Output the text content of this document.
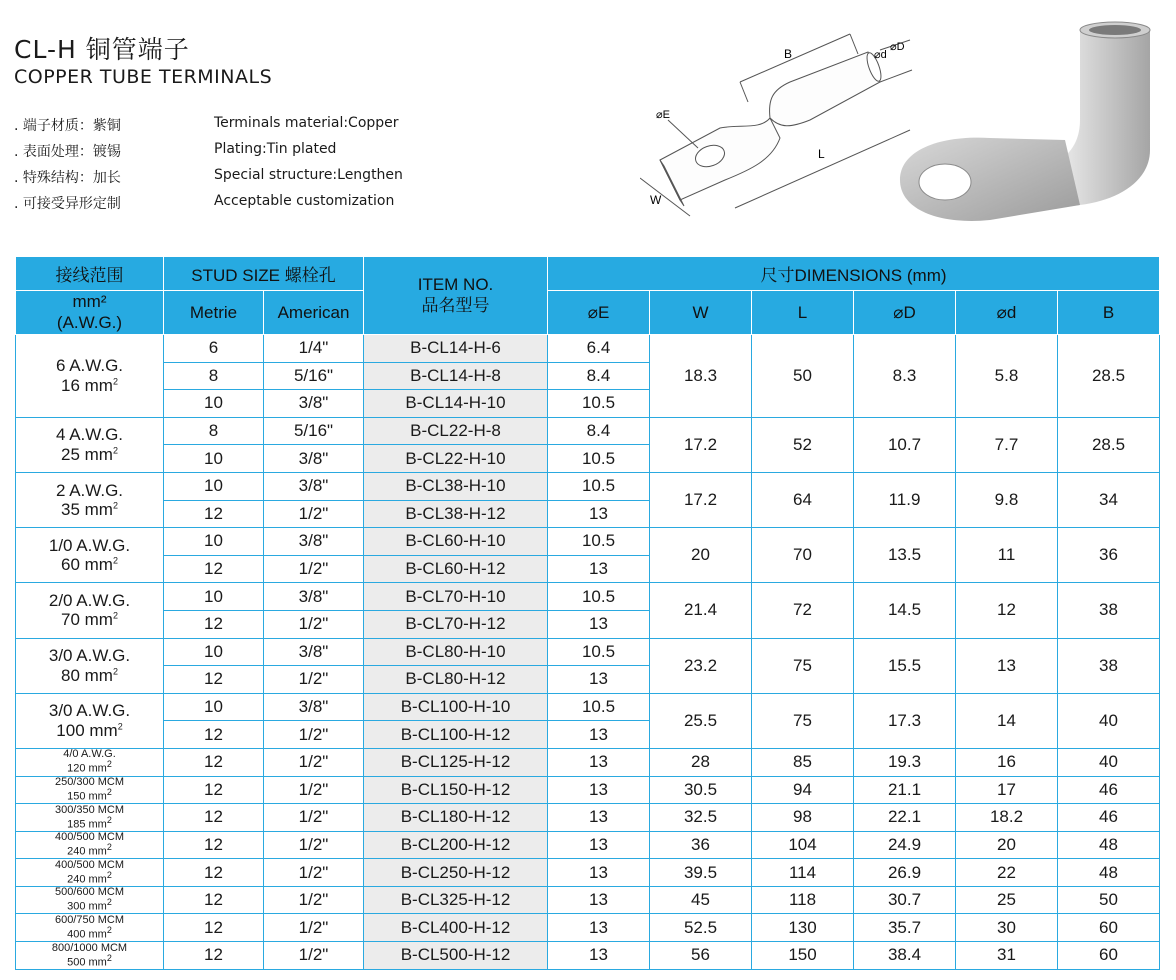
CL-H 铜管端子
COPPER TUBE TERMINALS
. 端子材质：紫铜	Terminals material:Copper
. 表面处理：镀锡	Plating:Tin plated
. 特殊结构：加长	Special structure:Lengthen
. 可接受异形定制	Acceptable customization
B	⌀d
⌀D
⌀E
L
W
接线范围	STUD SIZE 螺栓孔		ITEM NO.
品名型号	尺寸DIMENSIONS (mm)					

mm²
(A.W.G.)	Metrie	American		⌀E	W	L	⌀D	⌀d	B

6 A.W.G.
16 $mm^2$	6	1/4"	B-CL14-H-6	6.4	18.3	50	8.3	5.8	28.5
	8	5/16"	B-CL14-H-8	8.4					
	10	3/8"	B-CL14-H-10	10.5					

4 A.W.G.
25 $mm^2$	8	5/16"	B-CL22-H-8	8.4	17.2	52	10.7	7.7	28.5
	10	3/8"	B-CL22-H-10	10.5					

2 A.W.G.
35 $mm^2$	10	3/8"	B-CL38-H-10	10.5	17.2	64	11.9	9.8	34
	12	1/2"	B-CL38-H-12	13					

1/0 A.W.G.
60 $mm^2$	10	3/8"	B-CL60-H-10	10.5	20	70	13.5	11	36
	12	1/2"	B-CL60-H-12	13					

2/0 A.W.G.
70 $mm^2$	10	3/8"	B-CL70-H-10	10.5	21.4	72	14.5	12	38
	12	1/2"	B-CL70-H-12	13					

3/0 A.W.G.
80 $mm^2$	10	3/8"	B-CL80-H-10	10.5	23.2	75	15.5	13	38
	12	1/2"	B-CL80-H-12	13					

3/0 A.W.G.
100 $mm^2$	10	3/8"	B-CL100-H-10	10.5	25.5	75	17.3	14	40
	12	1/2"	B-CL100-H-12	13					

4/0 A.W.G.
120 $mm^2$	12	1/2"	B-CL125-H-12	13	28	85	19.3	16	40

250/300 MCM
150 $mm^2$	12	1/2"	B-CL150-H-12	13	30.5	94	21.1	17	46

300/350 MCM
185 $mm^2$	12	1/2"	B-CL180-H-12	13	32.5	98	22.1	18.2	46

400/500 MCM
240 $mm^2$	12	1/2"	B-CL200-H-12	13	36	104	24.9	20	48

400/500 MCM
240 $mm^2$	12	1/2"	B-CL250-H-12	13	39.5	114	26.9	22	48

500/600 MCM
300 $mm^2$	12	1/2"	B-CL325-H-12	13	45	118	30.7	25	50

600/750 MCM
400 $mm^2$	12	1/2"	B-CL400-H-12	13	52.5	130	35.7	30	60

800/1000 MCM
500 $mm^2$	12	1/2"	B-CL500-H-12	13	56	150	38.4	31	60
